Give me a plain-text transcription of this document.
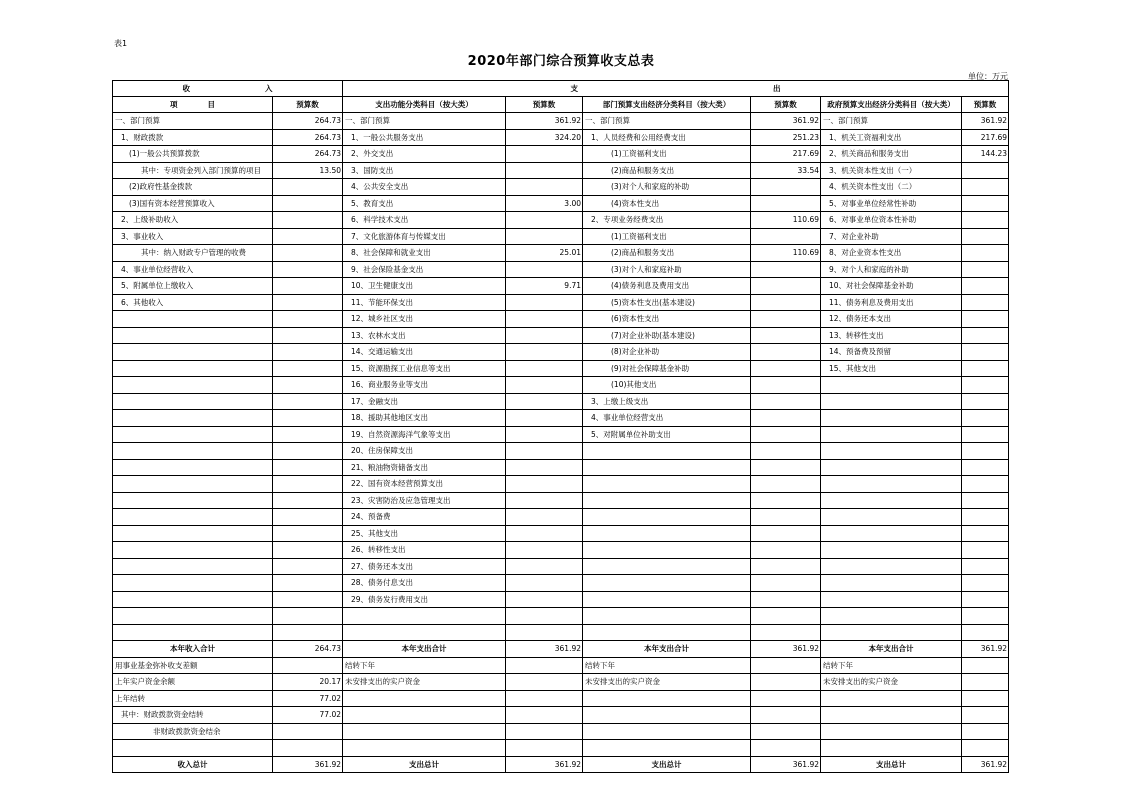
表1
2020年部门综合预算收支总表
单位：万元
收　　　　　　　　　　入		支　　　　　　　　　　　　　　　　　　　　　　　　　　出					
项　　　　目	预算数	支出功能分类科目（按大类）	预算数	部门预算支出经济分类科目（按大类）	预算数	政府预算支出经济分类科目（按大类）	预算数
一、部门预算	264.73	一、部门预算	361.92	一、部门预算	361.92	一、部门预算	361.92
1、财政拨款	264.73	1、一般公共服务支出	324.20	1、人员经费和公用经费支出	251.23	1、机关工资福利支出	217.69
(1)一般公共预算拨款	264.73	2、外交支出		(1)工资福利支出	217.69	2、机关商品和服务支出	144.23
其中：专项资金列入部门预算的项目	13.50	3、国防支出		(2)商品和服务支出	33.54	3、机关资本性支出（一）	
(2)政府性基金拨款		4、公共安全支出		(3)对个人和家庭的补助		4、机关资本性支出（二）	
(3)国有资本经营预算收入		5、教育支出	3.00	(4)资本性支出		5、对事业单位经常性补助	
2、上级补助收入		6、科学技术支出		2、专项业务经费支出	110.69	6、对事业单位资本性补助	
3、事业收入		7、文化旅游体育与传媒支出		(1)工资福利支出		7、对企业补助	
其中：纳入财政专户管理的收费		8、社会保障和就业支出	25.01	(2)商品和服务支出	110.69	8、对企业资本性支出	
4、事业单位经营收入		9、社会保险基金支出		(3)对个人和家庭补助		9、对个人和家庭的补助	
5、附属单位上缴收入		10、卫生健康支出	9.71	(4)债务利息及费用支出		10、对社会保障基金补助	
6、其他收入		11、节能环保支出		(5)资本性支出(基本建设)		11、债务利息及费用支出	
		12、城乡社区支出		(6)资本性支出		12、债务还本支出	
		13、农林水支出		(7)对企业补助(基本建设)		13、转移性支出	
		14、交通运输支出		(8)对企业补助		14、预备费及预留	
		15、资源勘探工业信息等支出		(9)对社会保障基金补助		15、其他支出	
		16、商业服务业等支出		(10)其他支出			
		17、金融支出		3、上缴上级支出			
		18、援助其他地区支出		4、事业单位经营支出			
		19、自然资源海洋气象等支出		5、对附属单位补助支出			
		20、住房保障支出					
		21、粮油物资储备支出					
		22、国有资本经营预算支出					
		23、灾害防治及应急管理支出					
		24、预备费					
		25、其他支出					
		26、转移性支出					
		27、债务还本支出					
		28、债务付息支出					
		29、债务发行费用支出					

本年收入合计	264.73	本年支出合计	361.92	本年支出合计	361.92	本年支出合计	361.92
用事业基金弥补收支差额		结转下年		结转下年		结转下年	
上年实户资金余额	20.17	未安排支出的实户资金		未安排支出的实户资金		未安排支出的实户资金	
上年结转	77.02						
其中：财政拨款资金结转	77.02						
非财政拨款资金结余							

收入总计	361.92	支出总计	361.92	支出总计	361.92	支出总计	361.92
